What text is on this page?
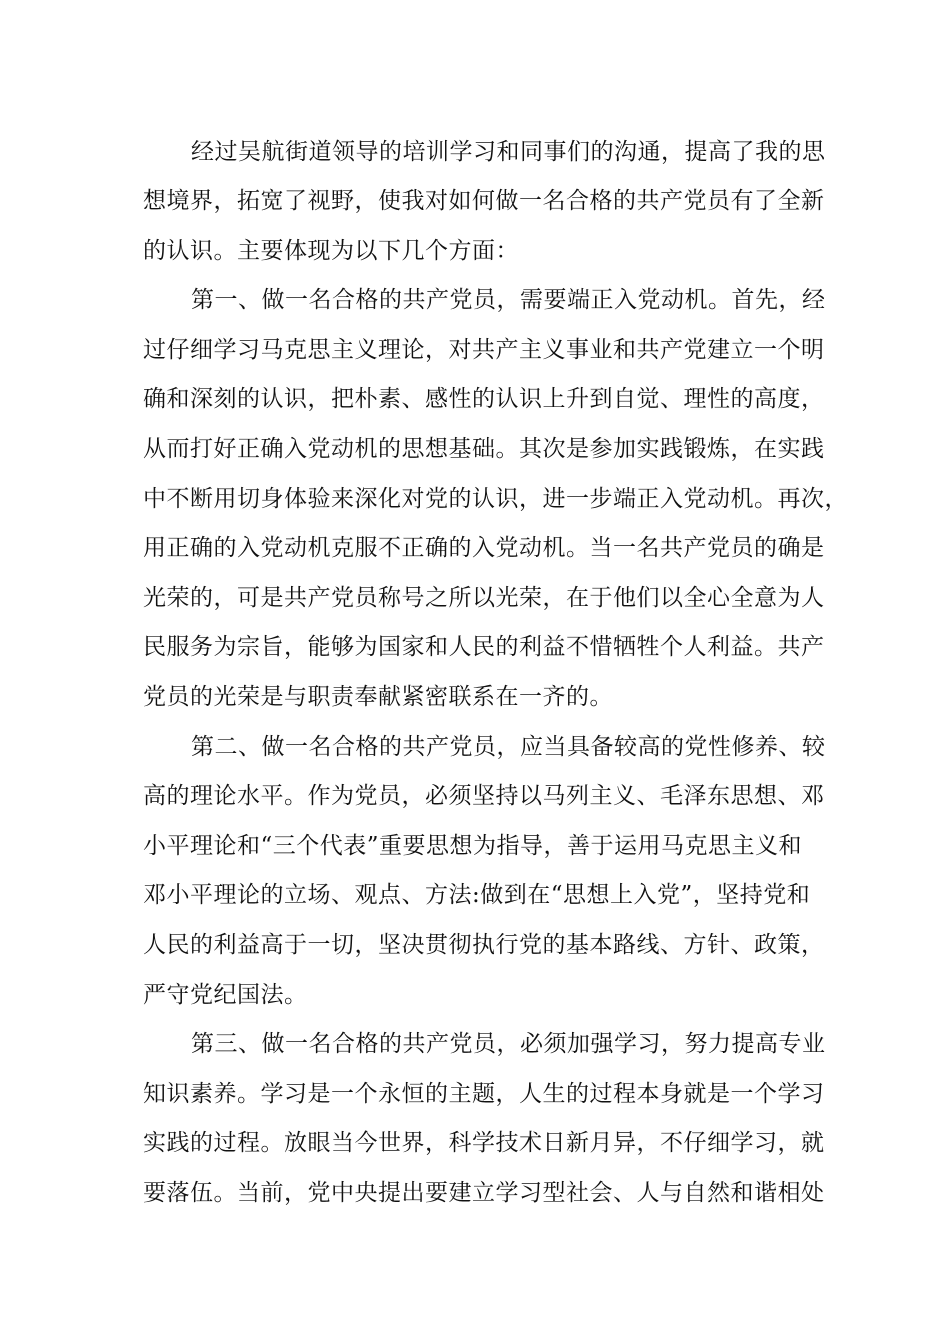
经过吴航街道领导的培训学习和同事们的沟通，提高了我的思
想境界，拓宽了视野，使我对如何做一名合格的共产党员有了全新
的认识。主要体现为以下几个方面：
第一、做一名合格的共产党员，需要端正入党动机。首先，经
过仔细学习马克思主义理论，对共产主义事业和共产党建立一个明
确和深刻的认识，把朴素、感性的认识上升到自觉、理性的高度，
从而打好正确入党动机的思想基础。其次是参加实践锻炼，在实践
中不断用切身体验来深化对党的认识，进一步端正入党动机。再次，
用正确的入党动机克服不正确的入党动机。当一名共产党员的确是
光荣的，可是共产党员称号之所以光荣，在于他们以全心全意为人
民服务为宗旨，能够为国家和人民的利益不惜牺牲个人利益。共产
党员的光荣是与职责奉献紧密联系在一齐的。
第二、做一名合格的共产党员，应当具备较高的党性修养、较
高的理论水平。作为党员，必须坚持以马列主义、毛泽东思想、邓
小平理论和“三个代表”重要思想为指导，善于运用马克思主义和
邓小平理论的立场、观点、方法:做到在“思想上入党”，坚持党和
人民的利益高于一切，坚决贯彻执行党的基本路线、方针、政策，
严守党纪国法。
第三、做一名合格的共产党员，必须加强学习，努力提高专业
知识素养。学习是一个永恒的主题，人生的过程本身就是一个学习
实践的过程。放眼当今世界，科学技术日新月异，不仔细学习，就
要落伍。当前，党中央提出要建立学习型社会、人与自然和谐相处
